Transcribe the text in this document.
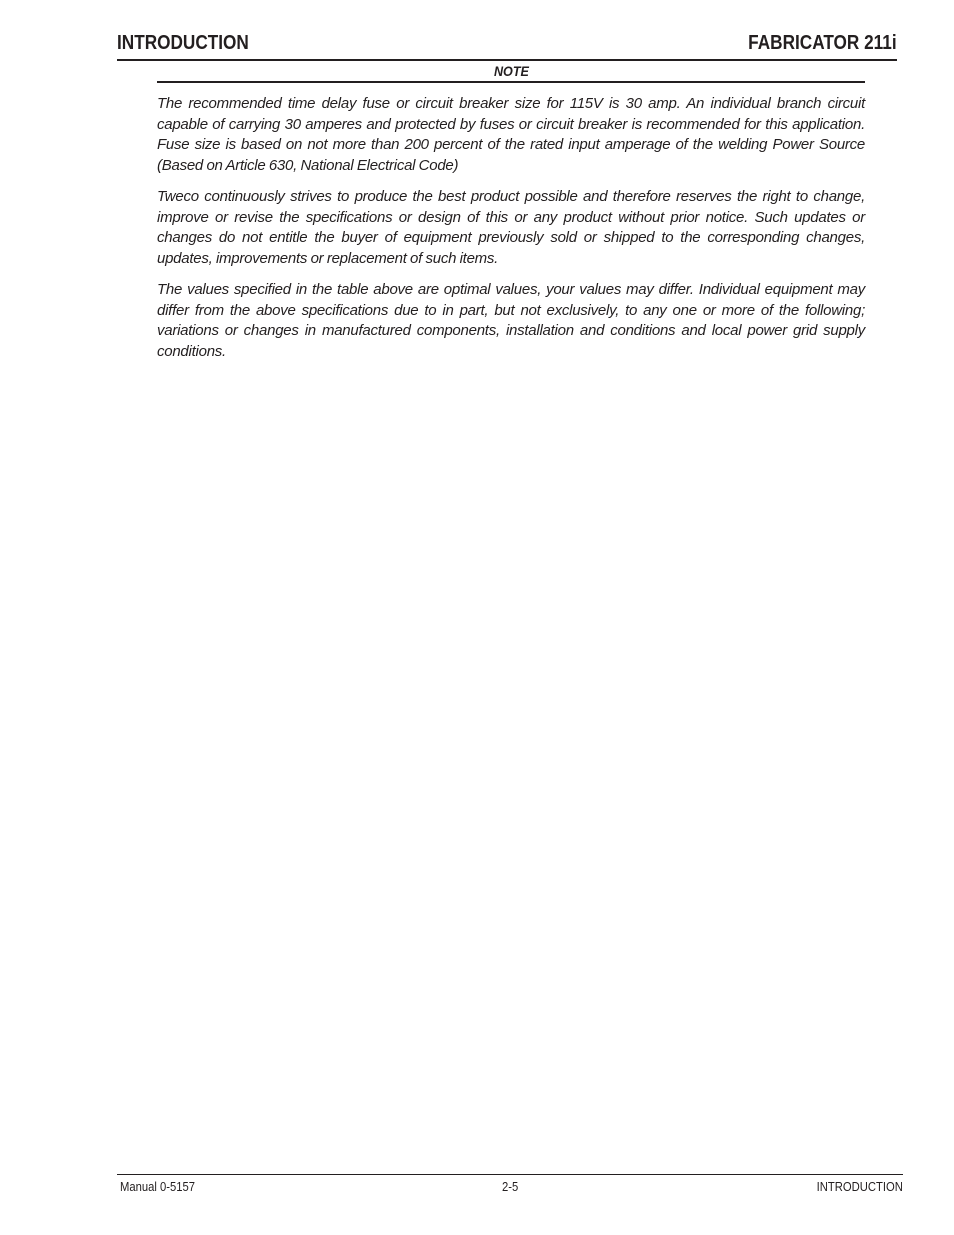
INTRODUCTION	FABRICATOR 211i
NOTE

The recommended time delay fuse or circuit breaker size for 115V is 30 amp. An individual branch circuit capable of carrying 30 amperes and protected by fuses or circuit breaker is recommended for this application. Fuse size is based on not more than 200 percent of the rated input amperage of the welding Power Source (Based on Article 630, National Electrical Code)

Tweco continuously strives to produce the best product possible and therefore reserves the right to change, improve or revise the specifications or design of this or any product without prior notice. Such updates or changes do not entitle the buyer of equipment previously sold or shipped to the corresponding changes, updates, improvements or replacement of such items.

The values specified in the table above are optimal values, your values may differ. Individual equipment may differ from the above specifications due to in part, but not exclusively, to any one or more of the following; variations or changes in manufactured components, installation and conditions and local power grid supply conditions.

Manual 0-5157	2-5	INTRODUCTION
